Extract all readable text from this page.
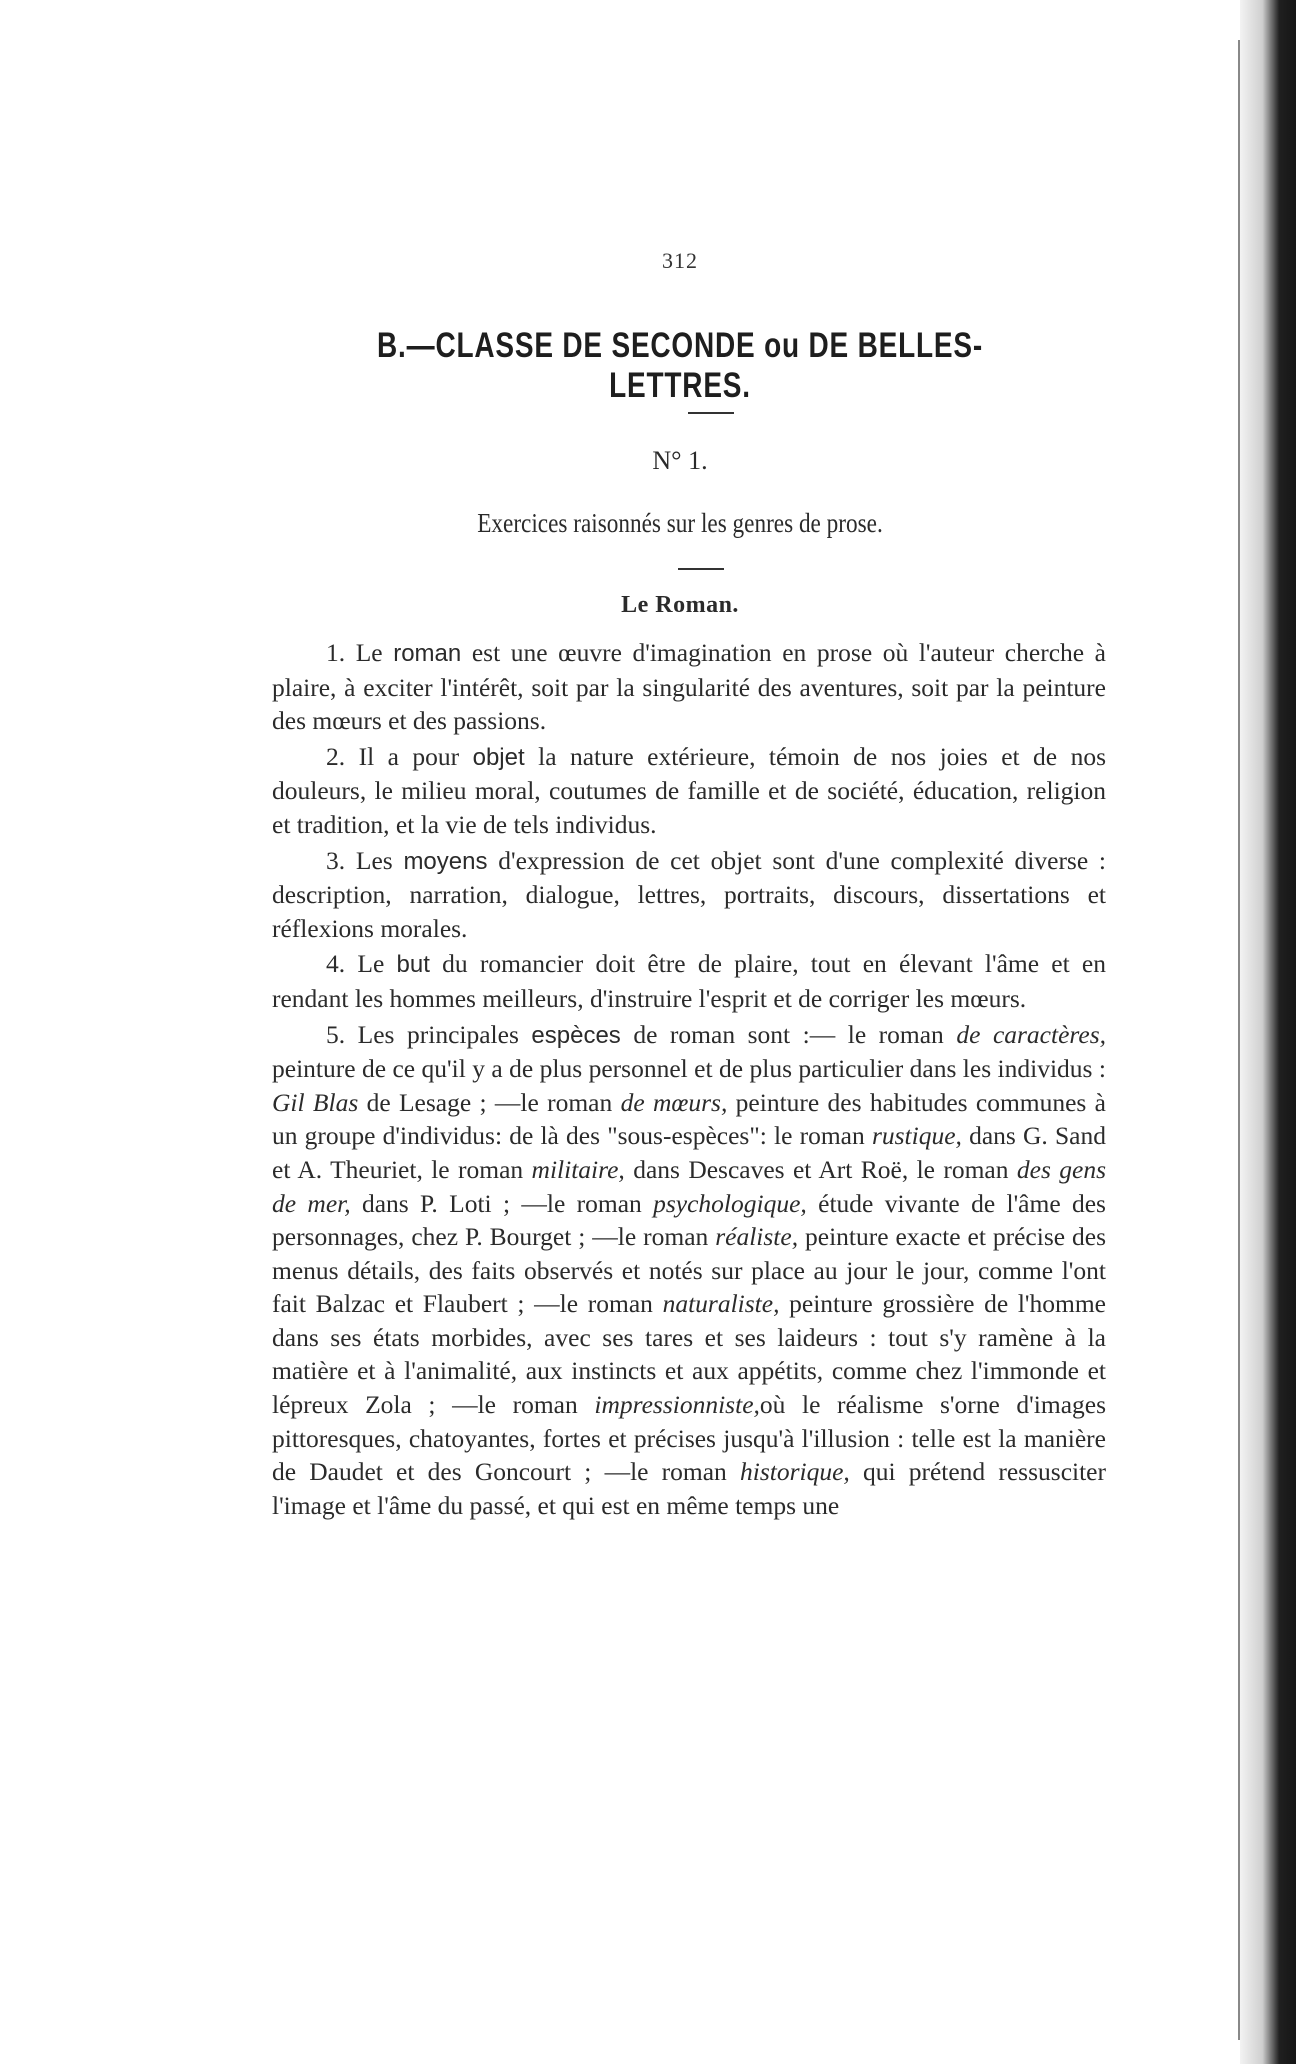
312
B.—CLASSE DE SECONDE ou DE BELLES-LETTRES.
N° 1.
Exercices raisonnés sur les genres de prose.
Le Roman.

1. Le roman est une œuvre d'imagination en prose où l'auteur cherche à plaire, à exciter l'intérêt, soit par la singularité des aventures, soit par la peinture des mœurs et des passions.

2. Il a pour objet la nature extérieure, témoin de nos joies et de nos douleurs, le milieu moral, coutumes de famille et de société, éducation, religion et tradition, et la vie de tels individus.

3. Les moyens d'expression de cet objet sont d'une complexité diverse : description, narration, dialogue, lettres, portraits, discours, dissertations et réflexions morales.

4. Le but du romancier doit être de plaire, tout en élevant l'âme et en rendant les hommes meilleurs, d'instruire l'esprit et de corriger les mœurs.

5. Les principales espèces de roman sont :— le roman de caractères, peinture de ce qu'il y a de plus personnel et de plus particulier dans les individus : Gil Blas de Lesage ; —le roman de mœurs, peinture des habitudes communes à un groupe d'individus: de là des "sous-espèces": le roman rustique, dans G. Sand et A. Theuriet, le roman militaire, dans Descaves et Art Roë, le roman des gens de mer, dans P. Loti ; —le roman psychologique, étude vivante de l'âme des personnages, chez P. Bourget ; —le roman réaliste, peinture exacte et précise des menus détails, des faits observés et notés sur place au jour le jour, comme l'ont fait Balzac et Flaubert ; —le roman naturaliste, peinture grossière de l'homme dans ses états morbides, avec ses tares et ses laideurs : tout s'y ramène à la matière et à l'animalité, aux instincts et aux appétits, comme chez l'immonde et lépreux Zola ; —le roman impressionniste,où le réalisme s'orne d'images pittoresques, chatoyantes, fortes et précises jusqu'à l'illusion : telle est la manière de Daudet et des Goncourt ; —le roman historique, qui prétend ressusciter l'image et l'âme du passé, et qui est en même temps une
